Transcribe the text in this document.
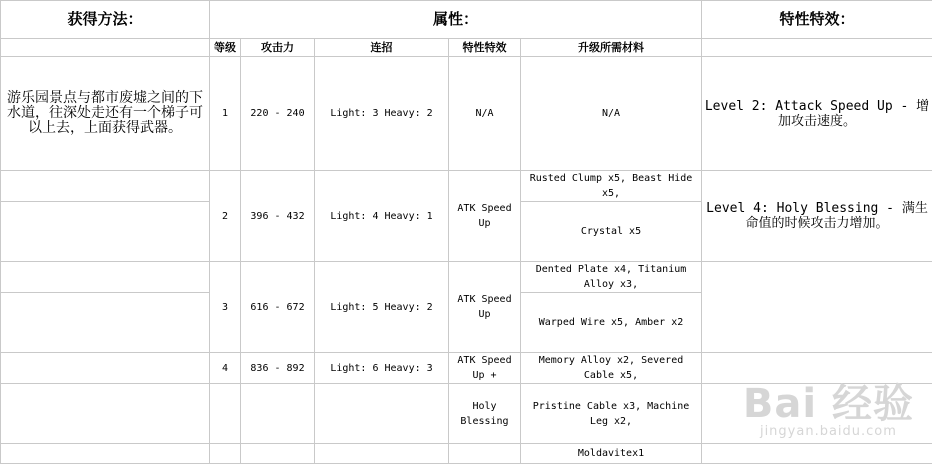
获得方法：	属性：					特性特效：
	等级	攻击力	连招	特性特效	升级所需材料	
游乐园景点与都市废墟之间的下水道，往深处走还有一个梯子可以上去，上面获得武器。	1	220 - 240	Light: 3 Heavy: 2	N/A	N/A	Level 2: Attack Speed Up - 增加攻击速度。
	2	396 - 432	Light: 4 Heavy: 1	ATK Speed Up	Rusted Clump x5, Beast Hide x5,	Level 4: Holy Blessing - 满生命值的时候攻击力增加。
					Crystal x5	
	3	616 - 672	Light: 5 Heavy: 2	ATK Speed Up	Dented Plate x4, Titanium Alloy x3,	
					Warped Wire x5, Amber x2	
	4	836 - 892	Light: 6 Heavy: 3	ATK Speed Up +	Memory Alloy x2, Severed Cable x5,	
				Holy Blessing	Pristine Cable x3, Machine Leg x2,	
					Moldavitex1	
Bai 经验
jingyan.baidu.com
